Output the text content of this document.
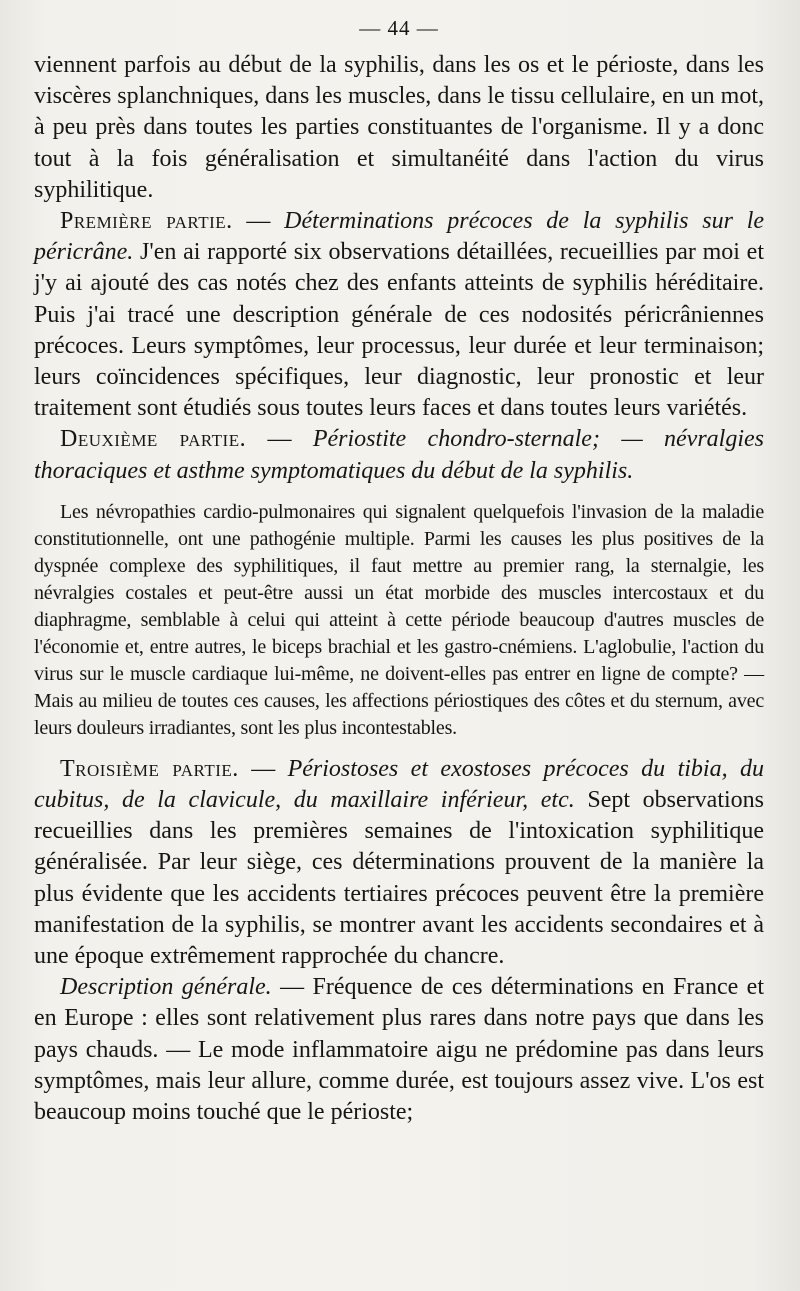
— 44 —

viennent parfois au début de la syphilis, dans les os et le périoste, dans les viscères splanchniques, dans les muscles, dans le tissu cellulaire, en un mot, à peu près dans toutes les parties constituantes de l'organisme. Il y a donc tout à la fois généralisation et simultanéité dans l'action du virus syphilitique.

Première partie. — Déterminations précoces de la syphilis sur le péricrâne. J'en ai rapporté six observations détaillées, recueillies par moi et j'y ai ajouté des cas notés chez des enfants atteints de syphilis héréditaire. Puis j'ai tracé une description générale de ces nodosités péricrâniennes précoces. Leurs symptômes, leur processus, leur durée et leur terminaison; leurs coïncidences spécifiques, leur diagnostic, leur pronostic et leur traitement sont étudiés sous toutes leurs faces et dans toutes leurs variétés.

Deuxième partie. — Périostite chondro-sternale; — névralgies thoraciques et asthme symptomatiques du début de la syphilis.

Les névropathies cardio-pulmonaires qui signalent quelquefois l'invasion de la maladie constitutionnelle, ont une pathogénie multiple. Parmi les causes les plus positives de la dyspnée complexe des syphilitiques, il faut mettre au premier rang, la sternalgie, les névralgies costales et peut-être aussi un état morbide des muscles intercostaux et du diaphragme, semblable à celui qui atteint à cette période beaucoup d'autres muscles de l'économie et, entre autres, le biceps brachial et les gastro-cnémiens. L'aglobulie, l'action du virus sur le muscle cardiaque lui-même, ne doivent-elles pas entrer en ligne de compte? — Mais au milieu de toutes ces causes, les affections périostiques des côtes et du sternum, avec leurs douleurs irradiantes, sont les plus incontestables.

Troisième partie. — Périostoses et exostoses précoces du tibia, du cubitus, de la clavicule, du maxillaire inférieur, etc. Sept observations recueillies dans les premières semaines de l'intoxication syphilitique généralisée. Par leur siège, ces déterminations prouvent de la manière la plus évidente que les accidents tertiaires précoces peuvent être la première manifestation de la syphilis, se montrer avant les accidents secondaires et à une époque extrêmement rapprochée du chancre.

Description générale. — Fréquence de ces déterminations en France et en Europe : elles sont relativement plus rares dans notre pays que dans les pays chauds. — Le mode inflammatoire aigu ne prédomine pas dans leurs symptômes, mais leur allure, comme durée, est toujours assez vive. L'os est beaucoup moins touché que le périoste;
